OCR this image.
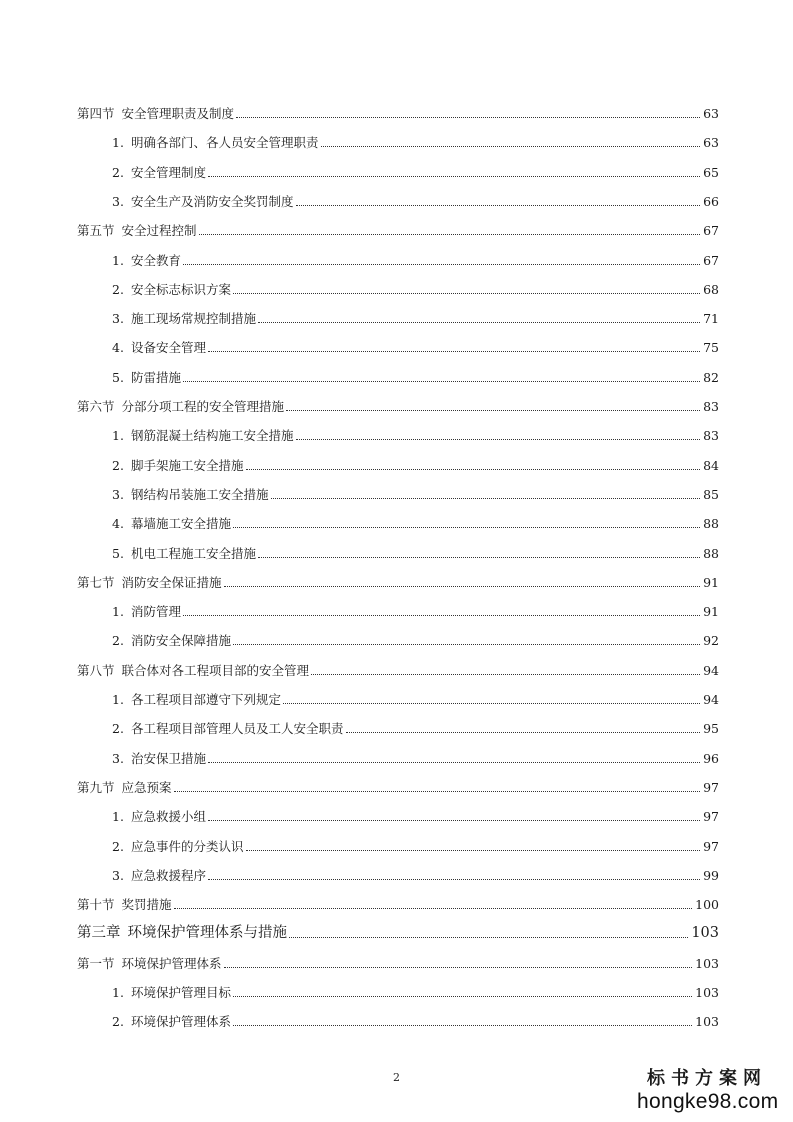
第四节 安全管理职责及制度	63
1. 明确各部门、各人员安全管理职责	63
2. 安全管理制度	65
3. 安全生产及消防安全奖罚制度	66
第五节 安全过程控制	67
1. 安全教育	67
2. 安全标志标识方案	68
3. 施工现场常规控制措施	71
4. 设备安全管理	75
5. 防雷措施	82
第六节 分部分项工程的安全管理措施	83
1. 钢筋混凝土结构施工安全措施	83
2. 脚手架施工安全措施	84
3. 钢结构吊装施工安全措施	85
4. 幕墙施工安全措施	88
5. 机电工程施工安全措施	88
第七节 消防安全保证措施	91
1. 消防管理	91
2. 消防安全保障措施	92
第八节 联合体对各工程项目部的安全管理	94
1. 各工程项目部遵守下列规定	94
2. 各工程项目部管理人员及工人安全职责	95
3. 治安保卫措施	96
第九节 应急预案	97
1. 应急救援小组	97
2. 应急事件的分类认识	97
3. 应急救援程序	99
第十节 奖罚措施	100
第三章 环境保护管理体系与措施	103
第一节 环境保护管理体系	103
1. 环境保护管理目标	103
2. 环境保护管理体系	103
2	标书方案网
hongke98.com
